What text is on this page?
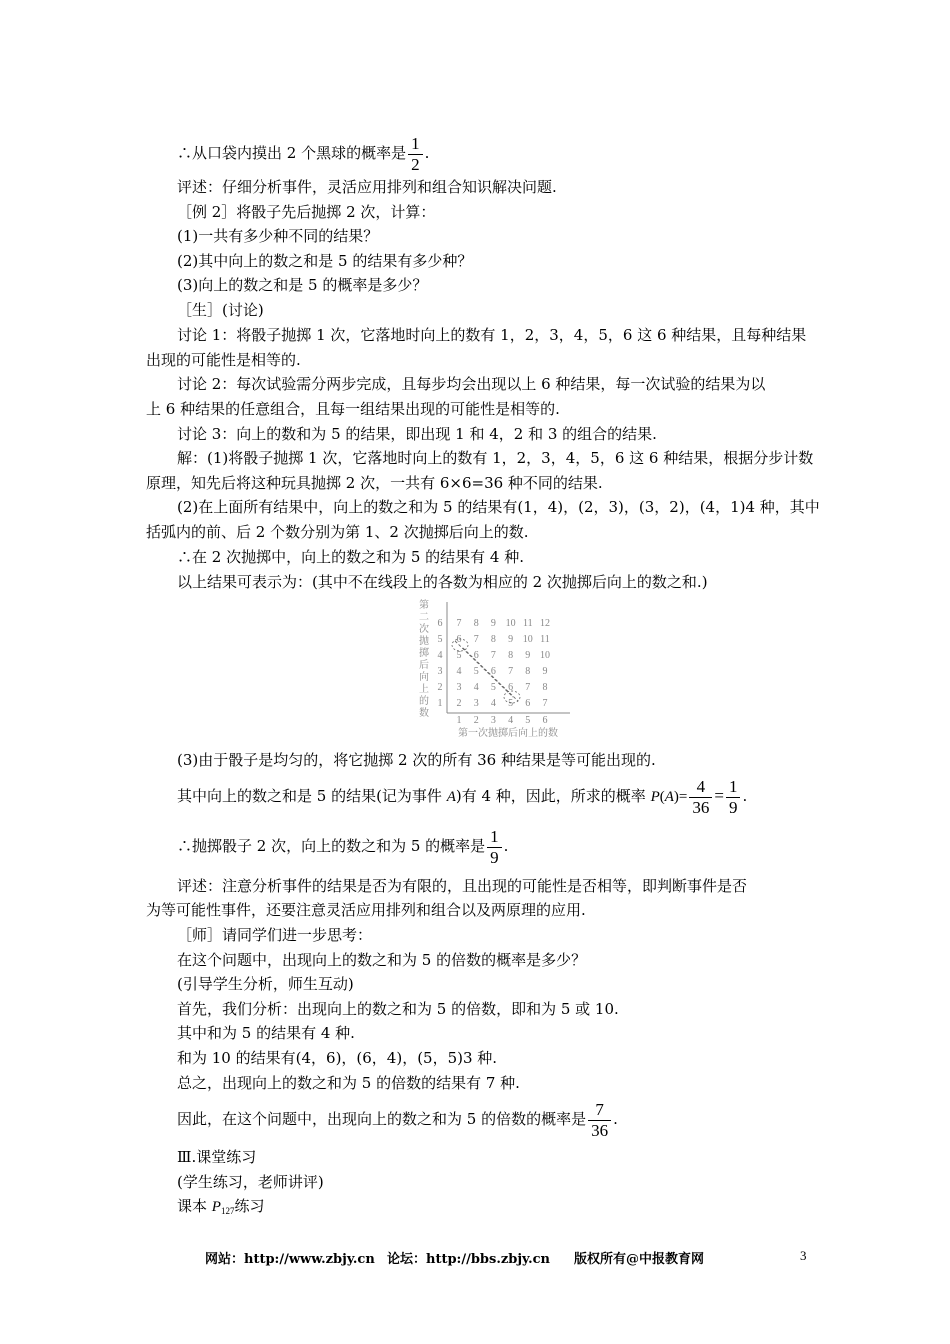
∴从口袋内摸出 2 个黑球的概率是 $\frac{1}{2}$ .
评述：仔细分析事件，灵活应用排列和组合知识解决问题.
［例 2］将骰子先后抛掷 2 次，计算：
(1)一共有多少种不同的结果？
(2)其中向上的数之和是 5 的结果有多少种？
(3)向上的数之和是 5 的概率是多少？
［生］(讨论)
讨论 1：将骰子抛掷 1 次，它落地时向上的数有 1，2，3，4，5，6 这 6 种结果，且每种结果
出现的可能性是相等的.
讨论 2：每次试验需分两步完成，且每步均会出现以上 6 种结果，每一次试验的结果为以
上 6 种结果的任意组合，且每一组结果出现的可能性是相等的.
讨论 3：向上的数和为 5 的结果，即出现 1 和 4，2 和 3 的组合的结果.
解：(1)将骰子抛掷 1 次，它落地时向上的数有 1，2，3，4，5，6 这 6 种结果，根据分步计数
原理，知先后将这种玩具抛掷 2 次，一共有 6×6=36 种不同的结果.
(2)在上面所有结果中，向上的数之和为 5 的结果有(1，4)，(2，3)，(3，2)，(4，1)4 种，其中
括弧内的前、后 2 个数分别为第 1、2 次抛掷后向上的数.
∴在 2 次抛掷中，向上的数之和为 5 的结果有 4 种.
以上结果可表示为：(其中不在线段上的各数为相应的 2 次抛掷后向上的数之和.)
第
二
次
抛
掷
后
向
上
的
数
1
2
3
4
5
6
1 2 3 4 5 6
2 3 4 5 6 7
3 4 5 6 7 8
4 5 6 7 8 9
5 6 7 8 9 10
6 7 8 9 10 11
7 8 9 10 11 12
第一次抛掷后向上的数
(3)由于骰子是均匀的，将它抛掷 2 次的所有 36 种结果是等可能出现的.
其中向上的数之和是 5 的结果(记为事件 A)有 4 种，因此，所求的概率 $P(A)= \frac{4}{36} = \frac{1}{9}$ .
∴抛掷骰子 2 次，向上的数之和为 5 的概率是 $\frac{1}{9}$ .
评述：注意分析事件的结果是否为有限的，且出现的可能性是否相等，即判断事件是否
为等可能性事件，还要注意灵活应用排列和组合以及两原理的应用.
［师］请同学们进一步思考：
在这个问题中，出现向上的数之和为 5 的倍数的概率是多少？
(引导学生分析，师生互动)
首先，我们分析：出现向上的数之和为 5 的倍数，即和为 5 或 10.
其中和为 5 的结果有 4 种.
和为 10 的结果有(4，6)，(6，4)，(5，5)3 种.
总之，出现向上的数之和为 5 的倍数的结果有 7 种.
因此，在这个问题中，出现向上的数之和为 5 的倍数的概率是 $\frac{7}{36}$ .
Ⅲ.课堂练习
(学生练习，老师讲评)
课本 $P_{127}$练习
网站：http://www.zbjy.cn 论坛：http://bbs.zbjy.cn 版权所有@中报教育网	3
